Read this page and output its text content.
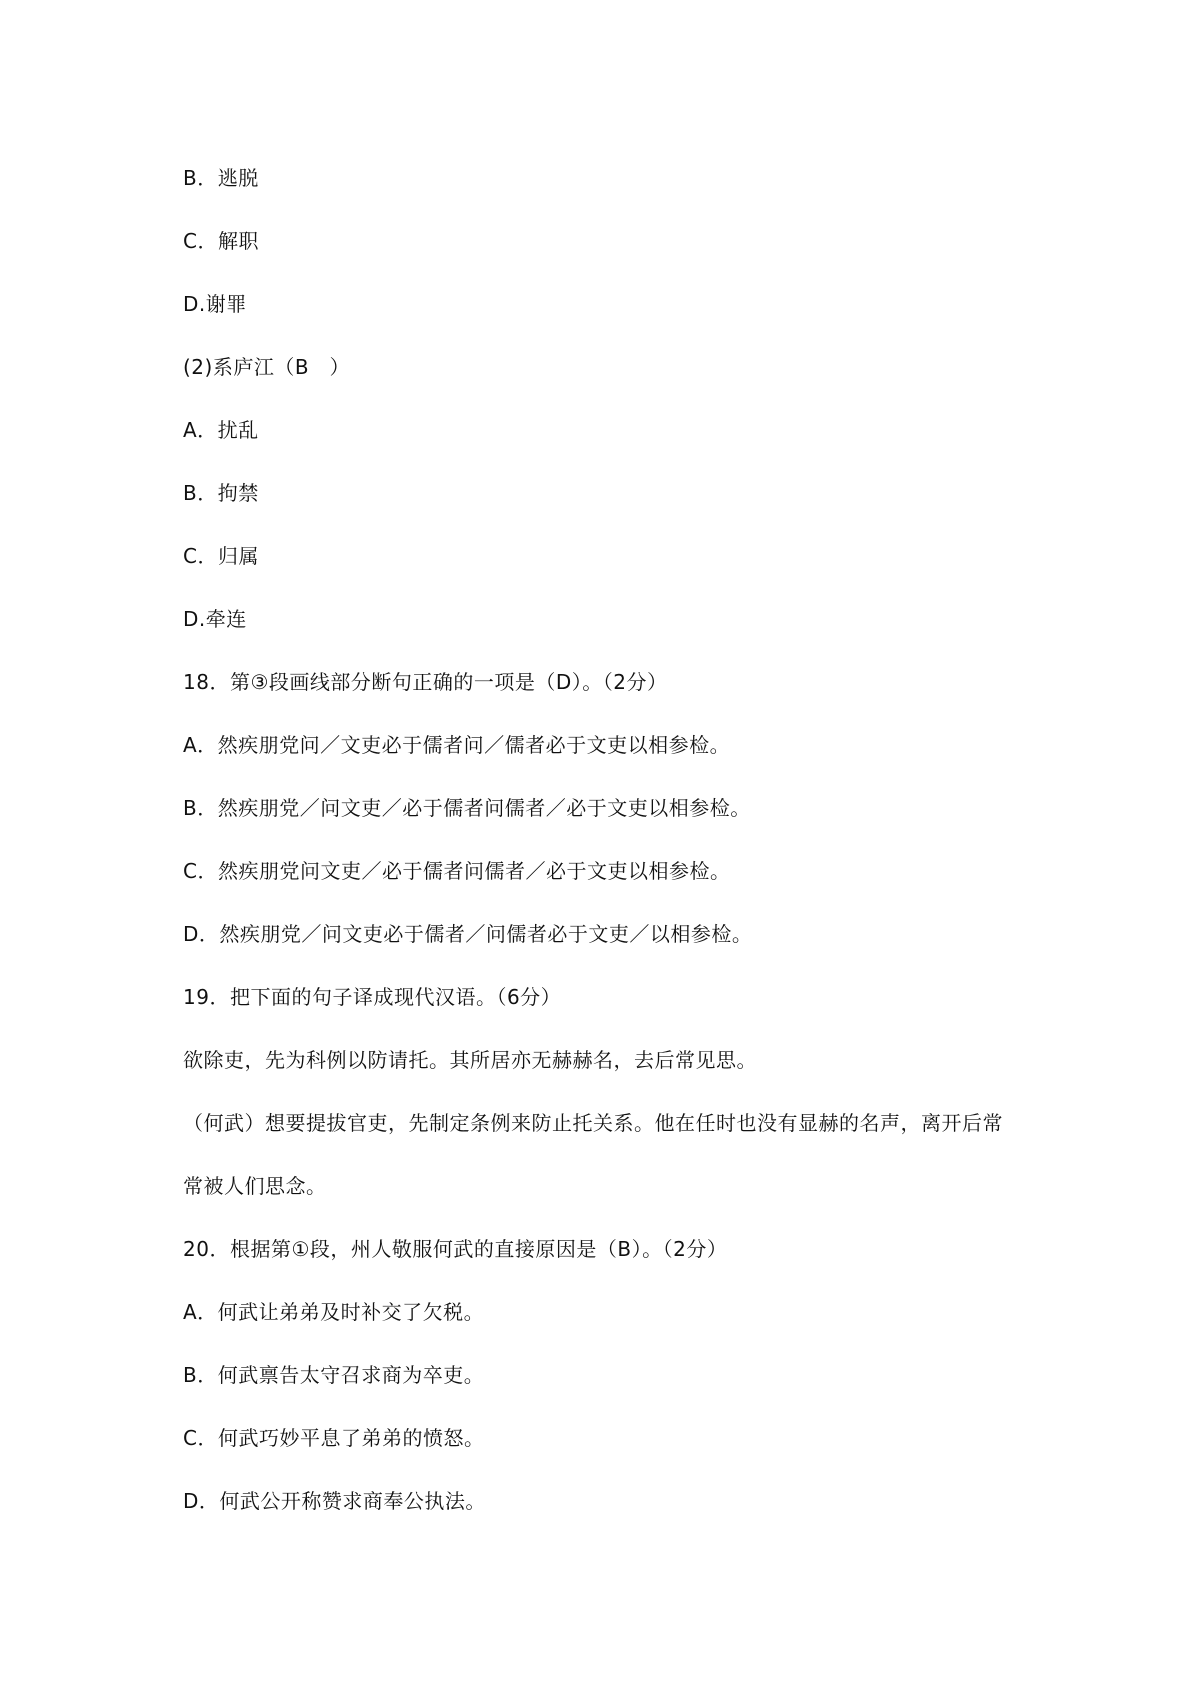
B．逃脱
C．解职
D.谢罪
(2)系庐江（B　）
A．扰乱
B．拘禁
C．归属
D.牵连
18．第③段画线部分断句正确的一项是（D）。（2分）
A．然疾朋党问／文吏必于儒者问／儒者必于文吏以相参检。
B．然疾朋党／问文吏／必于儒者问儒者／必于文吏以相参检。
C．然疾朋党问文吏／必于儒者问儒者／必于文吏以相参检。
D．然疾朋党／问文吏必于儒者／问儒者必于文吏／以相参检。
19．把下面的句子译成现代汉语。（6分）
欲除吏，先为科例以防请托。其所居亦无赫赫名，去后常见思。
（何武）想要提拔官吏，先制定条例来防止托关系。他在任时也没有显赫的名声，离开后常
常被人们思念。
20．根据第①段，州人敬服何武的直接原因是（B）。（2分）
A．何武让弟弟及时补交了欠税。
B．何武禀告太守召求商为卒吏。
C．何武巧妙平息了弟弟的愤怒。
D．何武公开称赞求商奉公执法。
